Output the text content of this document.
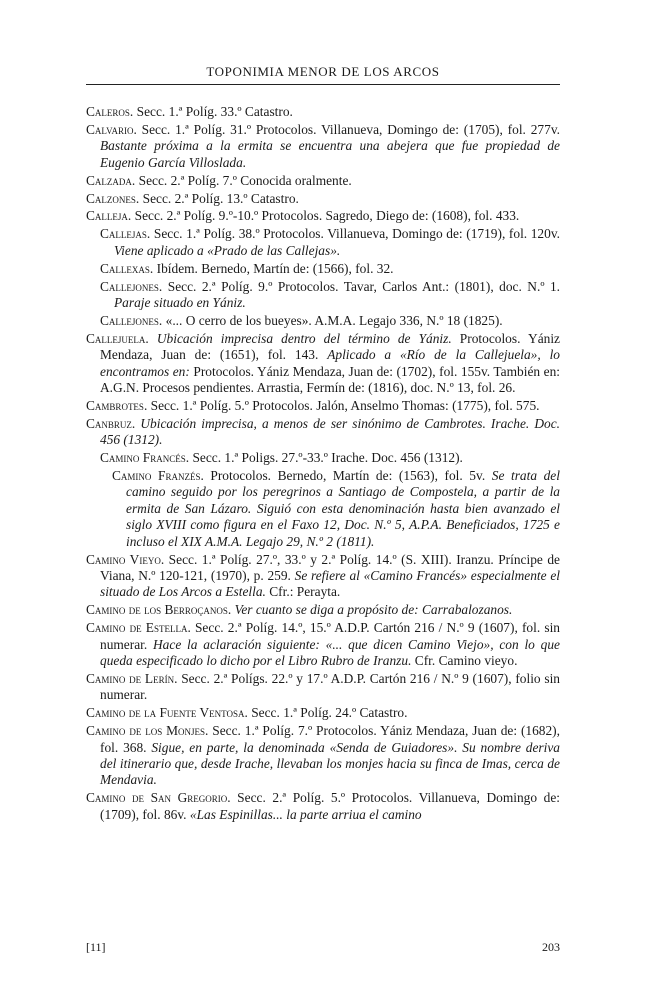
TOPONIMIA MENOR DE LOS ARCOS

Caleros. Secc. 1.ª Políg. 33.º Catastro.

Calvario. Secc. 1.ª Políg. 31.º Protocolos. Villanueva, Domingo de: (1705), fol. 277v. Bastante próxima a la ermita se encuentra una abejera que fue propiedad de Eugenio García Villoslada.

Calzada. Secc. 2.ª Políg. 7.º Conocida oralmente.

Calzones. Secc. 2.ª Políg. 13.º Catastro.

Calleja. Secc. 2.ª Políg. 9.º-10.º Protocolos. Sagredo, Diego de: (1608), fol. 433.

Callejas. Secc. 1.ª Políg. 38.º Protocolos. Villanueva, Domingo de: (1719), fol. 120v. Viene aplicado a «Prado de las Callejas».

Callexas. Ibídem. Bernedo, Martín de: (1566), fol. 32.

Callejones. Secc. 2.ª Políg. 9.º Protocolos. Tavar, Carlos Ant.: (1801), doc. N.º 1. Paraje situado en Yániz.

Callejones. «... O cerro de los bueyes». A.M.A. Legajo 336, N.º 18 (1825).

Callejuela. Ubicación imprecisa dentro del término de Yániz. Protocolos. Yániz Mendaza, Juan de: (1651), fol. 143. Aplicado a «Río de la Callejuela», lo encontramos en: Protocolos. Yániz Mendaza, Juan de: (1702), fol. 155v. También en: A.G.N. Procesos pendientes. Arrastia, Fermín de: (1816), doc. N.º 13, fol. 26.

Cambrotes. Secc. 1.ª Políg. 5.º Protocolos. Jalón, Anselmo Thomas: (1775), fol. 575.

Canbruz. Ubicación imprecisa, a menos de ser sinónimo de Cambrotes. Irache. Doc. 456 (1312).

Camino Francés. Secc. 1.ª Poligs. 27.º-33.º Irache. Doc. 456 (1312).

Camino Franzés. Protocolos. Bernedo, Martín de: (1563), fol. 5v. Se trata del camino seguido por los peregrinos a Santiago de Compostela, a partir de la ermita de San Lázaro. Siguió con esta denominación hasta bien avanzado el siglo XVIII como figura en el Faxo 12, Doc. N.º 5, A.P.A. Beneficiados, 1725 e incluso el XIX A.M.A. Legajo 29, N.º 2 (1811).

Camino Vieyo. Secc. 1.ª Políg. 27.º, 33.º y 2.ª Políg. 14.º (S. XIII). Iranzu. Príncipe de Viana, N.º 120-121, (1970), p. 259. Se refiere al «Camino Francés» especialmente el situado de Los Arcos a Estella. Cfr.: Peraytа.

Camino de los Berroçanos. Ver cuanto se diga a propósito de: Carrabalozanos.

Camino de Estella. Secc. 2.ª Políg. 14.º, 15.º A.D.P. Cartón 216 / N.º 9 (1607), fol. sin numerar. Hace la aclaración siguiente: «... que dicen Camino Viejo», con lo que queda especificado lo dicho por el Libro Rubro de Iranzu. Cfr. Camino vieyo.

Camino de Lerín. Secc. 2.ª Polígs. 22.º y 17.º A.D.P. Cartón 216 / N.º 9 (1607), folio sin numerar.

Camino de la Fuente Ventosa. Secc. 1.ª Políg. 24.º Catastro.

Camino de los Monjes. Secc. 1.ª Políg. 7.º Protocolos. Yániz Mendaza, Juan de: (1682), fol. 368. Sigue, en parte, la denominada «Senda de Guiadores». Su nombre deriva del itinerario que, desde Irache, llevaban los monjes hacia su finca de Imas, cerca de Mendavia.

Camino de San Gregorio. Secc. 2.ª Políg. 5.º Protocolos. Villanueva, Domingo de: (1709), fol. 86v. «Las Espinillas... la parte arriua el camino

[11]	203
